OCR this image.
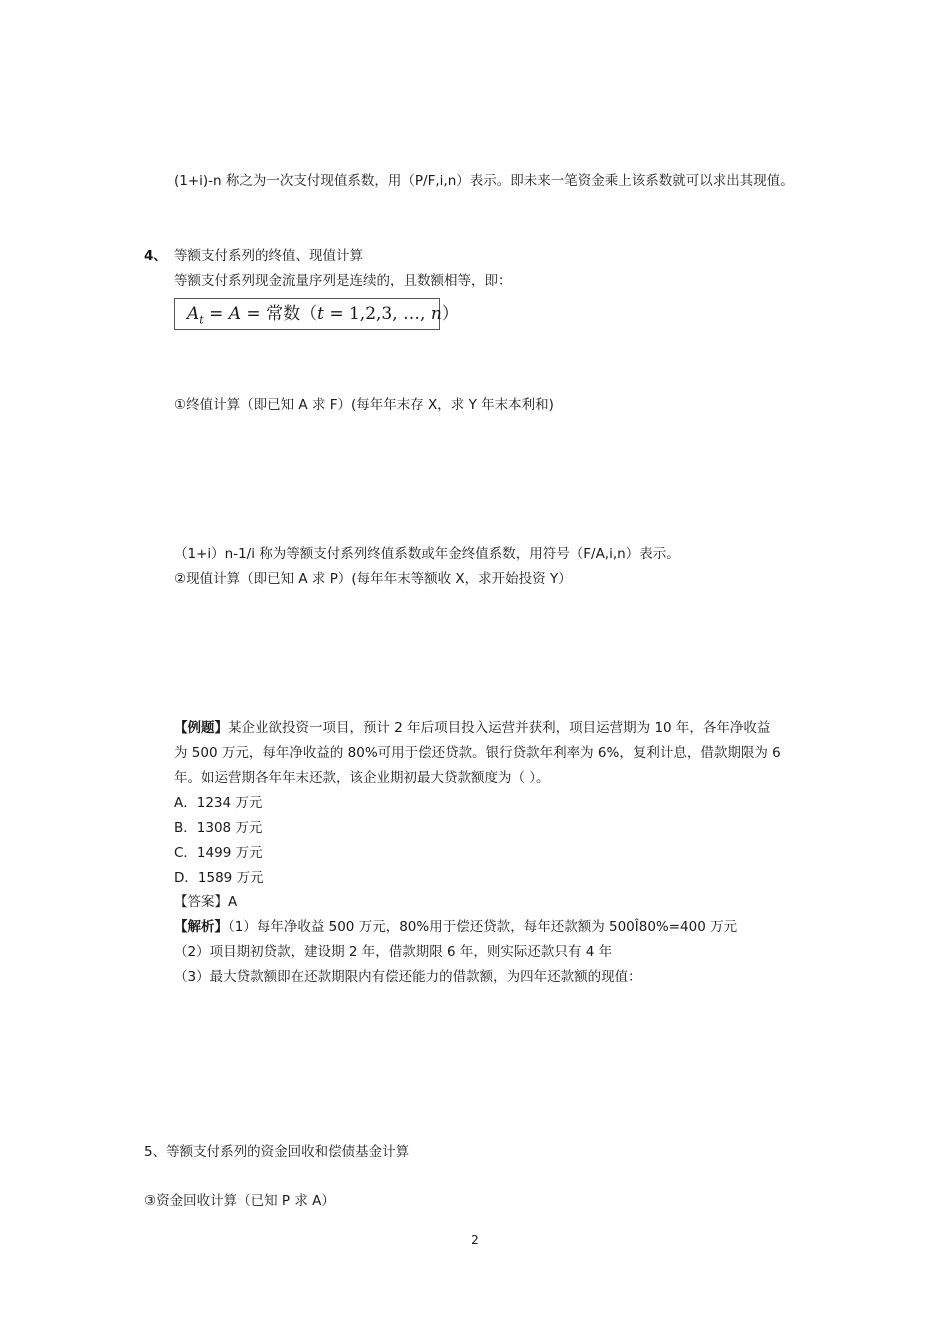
(1+i)-n 称之为一次支付现值系数，用（P/F,i,n）表示。即未来一笔资金乘上该系数就可以求出其现值。
4、 等额支付系列的终值、现值计算
等额支付系列现金流量序列是连续的，且数额相等，即：
$A_t = A$ = 常数（t = 1,2,3, …, n）
①终值计算（即已知 A 求 F）(每年年末存 X，求 Y 年末本利和)
（1+i）n-1/i 称为等额支付系列终值系数或年金终值系数，用符号（F/A,i,n）表示。
②现值计算（即已知 A 求 P）(每年年末等额收 X，求开始投资 Y）
【例题】某企业欲投资一项目，预计 2 年后项目投入运营并获利，项目运营期为 10 年，各年净收益
为 500 万元，每年净收益的 80%可用于偿还贷款。银行贷款年利率为 6%，复利计息，借款期限为 6
年。如运营期各年年末还款，该企业期初最大贷款额度为（ ）。
A．1234 万元
B．1308 万元
C．1499 万元
D．1589 万元
【答案】A
【解析】（1）每年净收益 500 万元，80%用于偿还贷款，每年还款额为 500Î80%=400 万元
（2）项目期初贷款，建设期 2 年，借款期限 6 年，则实际还款只有 4 年
（3）最大贷款额即在还款期限内有偿还能力的借款额，为四年还款额的现值：
5、等额支付系列的资金回收和偿债基金计算
③资金回收计算（已知 P 求 A）
2
